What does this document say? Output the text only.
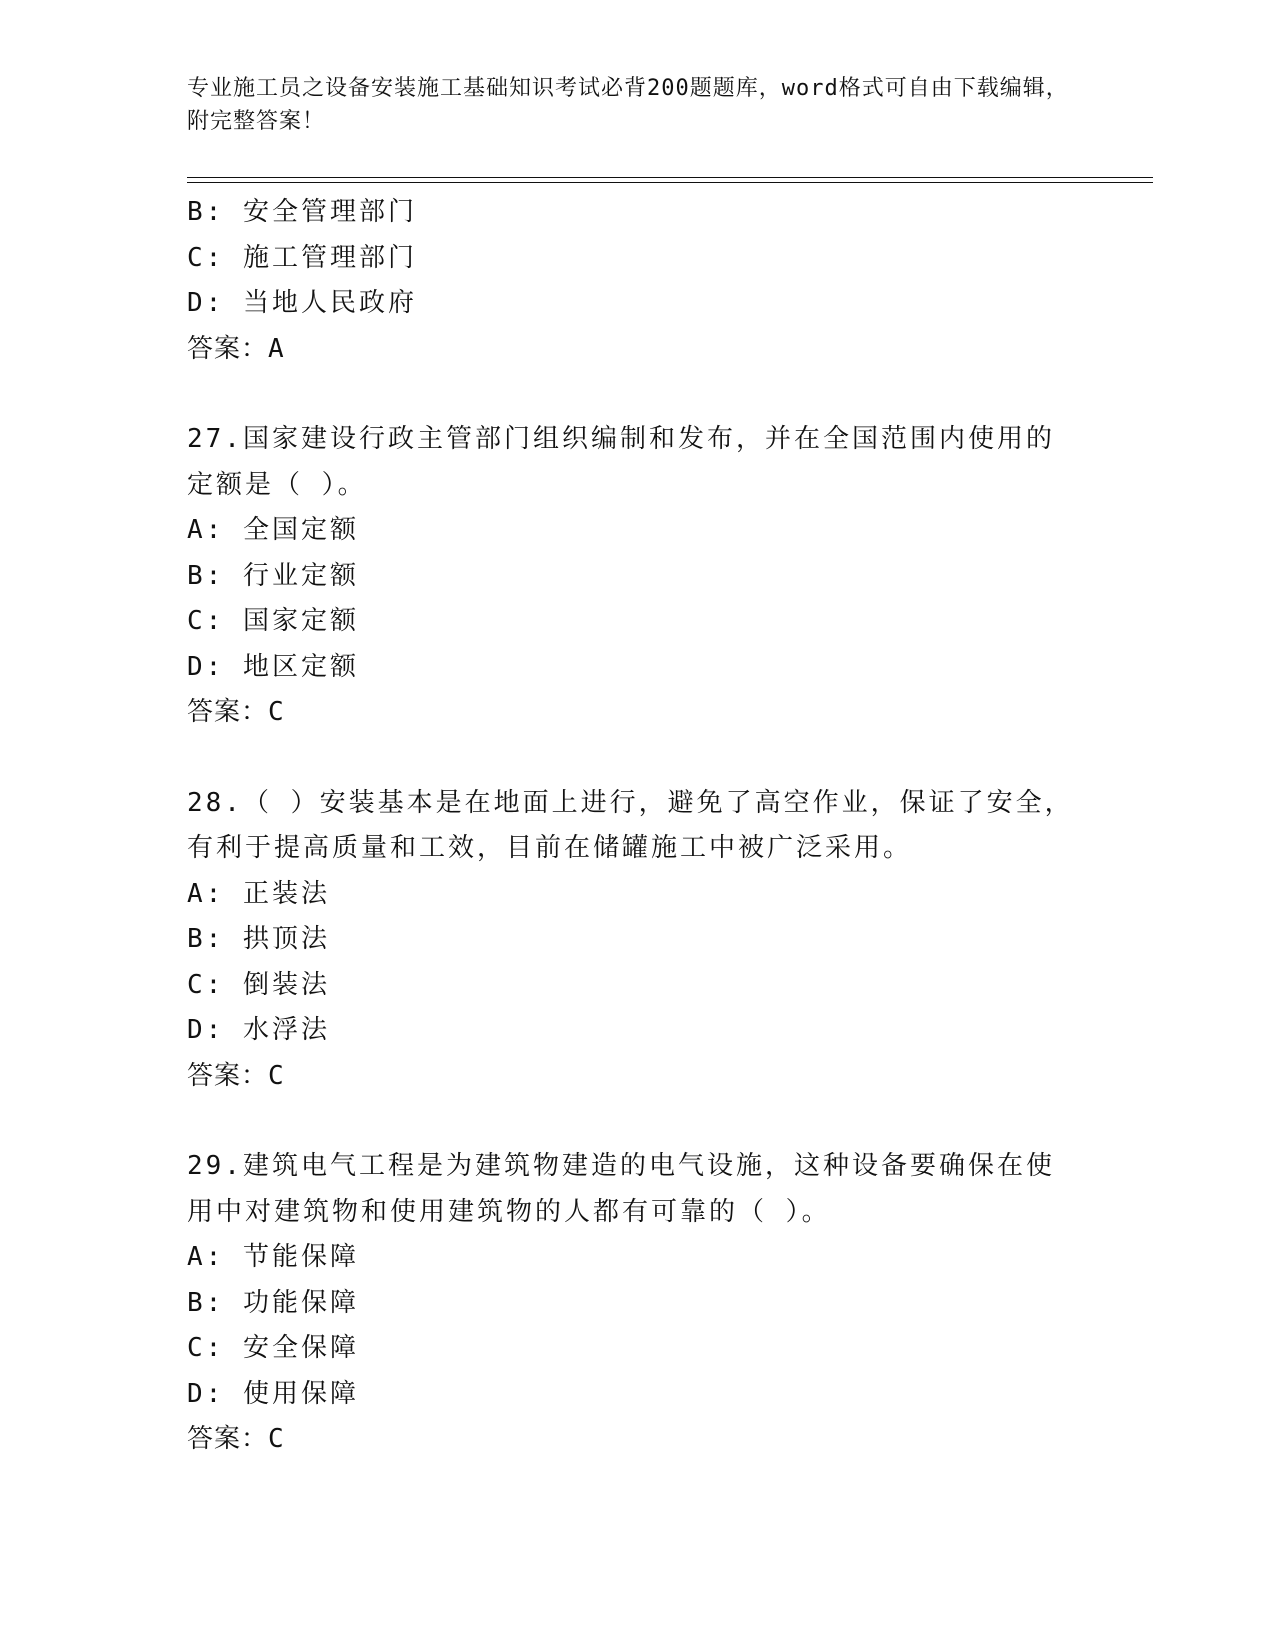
专业施工员之设备安装施工基础知识考试必背200题题库，word格式可自由下载编辑，附完整答案！
B: 安全管理部门
C: 施工管理部门
D: 当地人民政府
答案：A
27.国家建设行政主管部门组织编制和发布，并在全国范围内使用的定额是（ ）。
A: 全国定额
B: 行业定额
C: 国家定额
D: 地区定额
答案：C
28.（ ）安装基本是在地面上进行，避免了高空作业，保证了安全，有利于提高质量和工效，目前在储罐施工中被广泛采用。
A: 正装法
B: 拱顶法
C: 倒装法
D: 水浮法
答案：C
29.建筑电气工程是为建筑物建造的电气设施，这种设备要确保在使用中对建筑物和使用建筑物的人都有可靠的（ ）。
A: 节能保障
B: 功能保障
C: 安全保障
D: 使用保障
答案：C
